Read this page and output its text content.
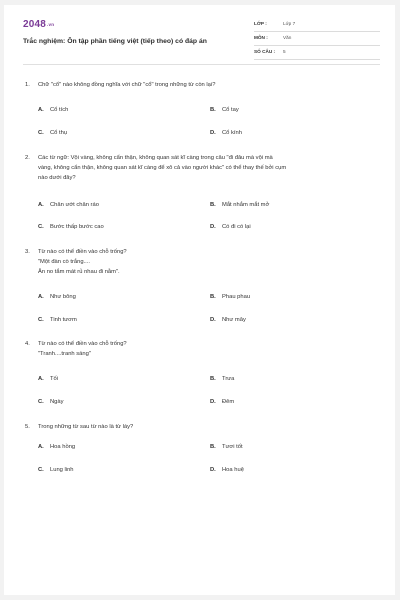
2048.vn
Trắc nghiệm: Ôn tập phần tiếng việt (tiếp theo) có đáp án
LỚP :	Lớp 7
MÔN :	Văn
SỐ CÂU : 5
1. Chữ "cổ" nào không đồng nghĩa với chữ "cổ" trong những từ còn lại?
A. Cổ tích	B. Cổ tay
C. Cổ thụ	D. Cổ kính
2. Các từ ngữ: Vội vàng, không cẩn thận, không quan sát kĩ càng trong câu "đi đâu mà vội mà
vàng, không cẩn thận, không quan sát kĩ càng để xô cả vào người khác" có thể thay thế bởi cụm
nào dưới đây?
A. Chân ướt chân ráo	B. Mắt nhắm mắt mở
C. Bước thấp bước cao	D. Có đi có lại
3. Từ nào có thể điền vào chỗ trống?
"Một đàn cò trắng....
Ăn no tắm mát rủ nhau đi nằm".
A. Như bông	B. Phau phau
C. Tinh tươm	D. Như mây
4. Từ nào có thể điền vào chỗ trống?
"Tranh....tranh sáng"
A. Tối	B. Trưa
C. Ngày	D. Đêm
5. Trong những từ sau từ nào là từ láy?
A. Hoa hồng	B. Tươi tốt
C. Lung linh	D. Hoa huệ
